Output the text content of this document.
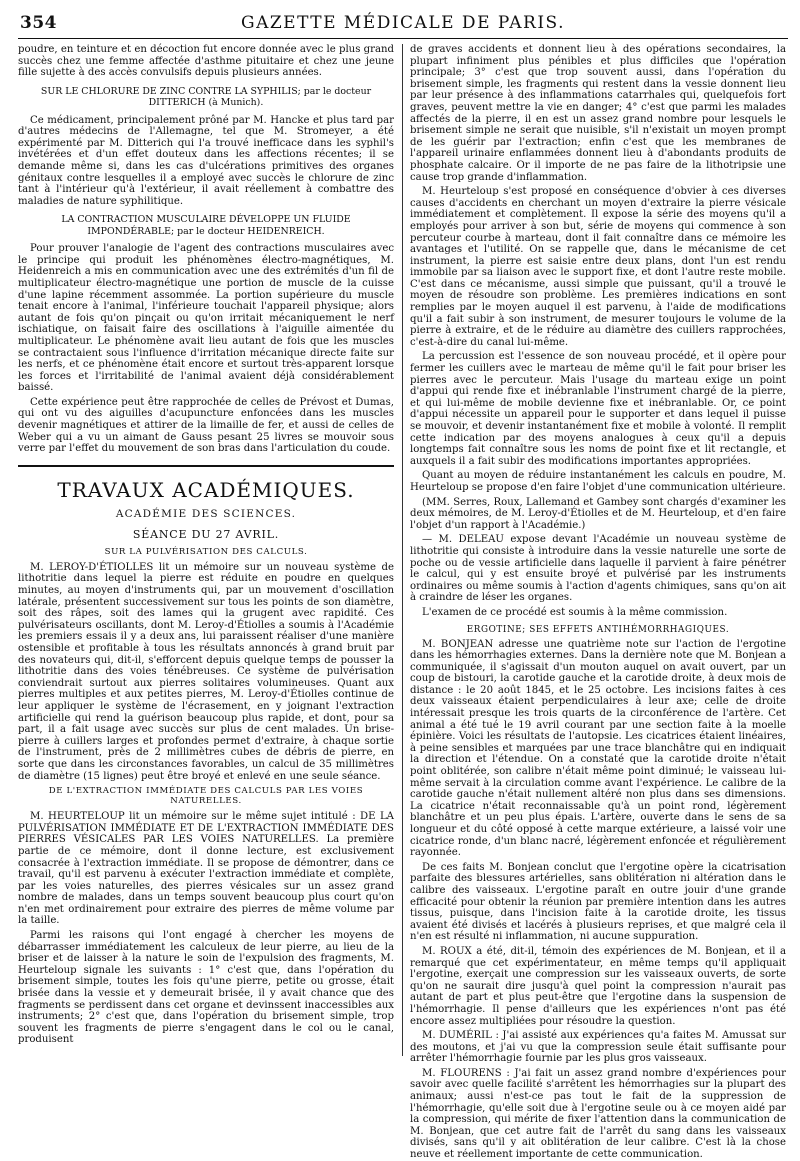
354	GAZETTE MÉDICALE DE PARIS.

poudre, en teinture et en décoction fut encore donnée avec le plus grand succès chez une femme affectée d'asthme pituitaire et chez une jeune fille sujette à des accès convulsifs depuis plusieurs années.

SUR LE CHLORURE DE ZINC CONTRE LA SYPHILIS; par le docteur DITTERICH (à Munich).

Ce médicament, principalement prôné par M. Hancke et plus tard par d'autres médecins de l'Allemagne, tel que M. Stromeyer, a été expérimenté par M. Ditterich qui l'a trouvé inefficace dans les syphil's invétérées et d'un effet douteux dans les affections récentes; il se demande même si, dans les cas d'ulcérations primitives des organes génitaux contre lesquelles il a employé avec succès le chlorure de zinc tant à l'intérieur qu'à l'extérieur, il avait réellement à combattre des maladies de nature syphilitique.

LA CONTRACTION MUSCULAIRE DÉVELOPPE UN FLUIDE IMPONDÉRABLE; par le docteur HEIDENREICH.

Pour prouver l'analogie de l'agent des contractions musculaires avec le principe qui produit les phénomènes électro-magnétiques, M. Heidenreich a mis en communication avec une des extrémités d'un fil de multiplicateur électro-magnétique une portion de muscle de la cuisse d'une lapine récemment assommée. La portion supérieure du muscle tenait encore à l'animal, l'inférieure touchait l'appareil physique; alors autant de fois qu'on pinçait ou qu'on irritait mécaniquement le nerf ischiatique, on faisait faire des oscillations à l'aiguille aimentée du multiplicateur. Le phénomène avait lieu autant de fois que les muscles se contractaient sous l'influence d'irritation mécanique directe faite sur les nerfs, et ce phénomène était encore et surtout très-apparent lorsque les forces et l'irritabilité de l'animal avaient déjà considérablement baissé.

Cette expérience peut être rapprochée de celles de Prévost et Dumas, qui ont vu des aiguilles d'acupuncture enfoncées dans les muscles devenir magnétiques et attirer de la limaille de fer, et aussi de celles de Weber qui a vu un aimant de Gauss pesant 25 livres se mouvoir sous verre par l'effet du mouvement de son bras dans l'articulation du coude.

TRAVAUX ACADÉMIQUES.
ACADÉMIE DES SCIENCES.
SÉANCE DU 27 AVRIL.
SUR LA PULVÉRISATION DES CALCULS.

M. LEROY-D'ÉTIOLLES lit un mémoire sur un nouveau système de lithotritie dans lequel la pierre est réduite en poudre en quelques minutes, au moyen d'instruments qui, par un mouvement d'oscillation latérale, présentent successivement sur tous les points de son diamètre, soit des râpes, soit des lames qui la grugent avec rapidité. Ces pulvérisateurs oscillants, dont M. Leroy-d'Étiolles a soumis à l'Académie les premiers essais il y a deux ans, lui paraissent réaliser d'une manière ostensible et profitable à tous les résultats annoncés à grand bruit par des novateurs qui, dit-il, s'efforcent depuis quelque temps de pousser la lithotritie dans des voies ténébreuses. Ce système de pulvérisation conviendrait surtout aux pierres solitaires volumineuses. Quant aux pierres multiples et aux petites pierres, M. Leroy-d'Étiolles continue de leur appliquer le système de l'écrasement, en y joignant l'extraction artificielle qui rend la guérison beaucoup plus rapide, et dont, pour sa part, il a fait usage avec succès sur plus de cent malades. Un brise-pierre à cuillers larges et profondes permet d'extraire, à chaque sortie de l'instrument, près de 2 millimètres cubes de débris de pierre, en sorte que dans les circonstances favorables, un calcul de 35 millimètres de diamètre (15 lignes) peut être broyé et enlevé en une seule séance.

DE L'EXTRACTION IMMÉDIATE DES CALCULS PAR LES VOIES NATURELLES.

M. HEURTELOUP lit un mémoire sur le même sujet intitulé : DE LA PULVÉRISATION IMMÉDIATE ET DE L'EXTRACTION IMMÉDIATE DES PIERRES VÉSICALES PAR LES VOIES NATURELLES. La première partie de ce mémoire, dont il donne lecture, est exclusivement consacrée à l'extraction immédiate. Il se propose de démontrer, dans ce travail, qu'il est parvenu à exécuter l'extraction immédiate et complète, par les voies naturelles, des pierres vésicales sur un assez grand nombre de malades, dans un temps souvent beaucoup plus court qu'on n'en met ordinairement pour extraire des pierres de même volume par la taille.

Parmi les raisons qui l'ont engagé à chercher les moyens de débarrasser immédiatement les calculeux de leur pierre, au lieu de la briser et de laisser à la nature le soin de l'expulsion des fragments, M. Heurteloup signale les suivants : 1° c'est que, dans l'opération du brisement simple, toutes les fois qu'une pierre, petite ou grosse, était brisée dans la vessie et y demeurait brisée, il y avait chance que des fragments se perdissent dans cet organe et devinssent inaccessibles aux instruments; 2° c'est que, dans l'opération du brisement simple, trop souvent les fragments de pierre s'engagent dans le col ou le canal, produisent

de graves accidents et donnent lieu à des opérations secondaires, la plupart infiniment plus pénibles et plus difficiles que l'opération principale; 3° c'est que trop souvent aussi, dans l'opération du brisement simple, les fragments qui restent dans la vessie donnent lieu par leur présence à des inflammations catarrhales qui, quelquefois fort graves, peuvent mettre la vie en danger; 4° c'est que parmi les malades affectés de la pierre, il en est un assez grand nombre pour lesquels le brisement simple ne serait que nuisible, s'il n'existait un moyen prompt de les guérir par l'extraction; enfin c'est que les membranes de l'appareil urinaire enflammées donnent lieu à d'abondants produits de phosphate calcaire. Or il importe de ne pas faire de la lithotripsie une cause trop grande d'inflammation.

M. Heurteloup s'est proposé en conséquence d'obvier à ces diverses causes d'accidents en cherchant un moyen d'extraire la pierre vésicale immédiatement et complètement. Il expose la série des moyens qu'il a employés pour arriver à son but, série de moyens qui commence à son percuteur courbe à marteau, dont il fait connaître dans ce mémoire les avantages et l'utilité. On se rappelle que, dans le mécanisme de cet instrument, la pierre est saisie entre deux plans, dont l'un est rendu immobile par sa liaison avec le support fixe, et dont l'autre reste mobile. C'est dans ce mécanisme, aussi simple que puissant, qu'il a trouvé le moyen de résoudre son problème. Les premières indications en sont remplies par le moyen auquel il est parvenu, à l'aide de modifications qu'il a fait subir à son instrument, de mesurer toujours le volume de la pierre à extraire, et de le réduire au diamètre des cuillers rapprochées, c'est-à-dire du canal lui-même.

La percussion est l'essence de son nouveau procédé, et il opère pour fermer les cuillers avec le marteau de même qu'il le fait pour briser les pierres avec le percuteur. Mais l'usage du marteau exige un point d'appui qui rende fixe et inébranlable l'instrument chargé de la pierre, et qui lui-même de mobile devienne fixe et inébranlable. Or, ce point d'appui nécessite un appareil pour le supporter et dans lequel il puisse se mouvoir, et devenir instantanément fixe et mobile à volonté. Il remplit cette indication par des moyens analogues à ceux qu'il a depuis longtemps fait connaître sous les noms de point fixe et lit rectangle, et auxquels il a fait subir des modifications importantes appropriées.

Quant au moyen de réduire instantanément les calculs en poudre, M. Heurteloup se propose d'en faire l'objet d'une communication ultérieure.

(MM. Serres, Roux, Lallemand et Gambey sont chargés d'examiner les deux mémoires, de M. Leroy-d'Étiolles et de M. Heurteloup, et d'en faire l'objet d'un rapport à l'Académie.)

— M. DELEAU expose devant l'Académie un nouveau système de lithotritie qui consiste à introduire dans la vessie naturelle une sorte de poche ou de vessie artificielle dans laquelle il parvient à faire pénétrer le calcul, qui y est ensuite broyé et pulvérisé par les instruments ordinaires ou même soumis à l'action d'agents chimiques, sans qu'on ait à craindre de léser les organes.

L'examen de ce procédé est soumis à la même commission.

ERGOTINE; SES EFFETS ANTIHÉMORRHAGIQUES.

M. BONJEAN adresse une quatrième note sur l'action de l'ergotine dans les hémorrhagies externes. Dans la dernière note que M. Bonjean a communiquée, il s'agissait d'un mouton auquel on avait ouvert, par un coup de bistouri, la carotide gauche et la carotide droite, à deux mois de distance : le 20 août 1845, et le 25 octobre. Les incisions faites à ces deux vaisseaux étaient perpendiculaires à leur axe; celle de droite intéressait presque les trois quarts de la circonférence de l'artère. Cet animal a été tué le 19 avril courant par une section faite à la moelle épinière. Voici les résultats de l'autopsie. Les cicatrices étaient linéaires, à peine sensibles et marquées par une trace blanchâtre qui en indiquait la direction et l'étendue. On a constaté que la carotide droite n'était point oblitérée, son calibre n'était même point diminué; le vaisseau lui-même servait à la circulation comme avant l'expérience. Le calibre de la carotide gauche n'était nullement altéré non plus dans ses dimensions. La cicatrice n'était reconnaissable qu'à un point rond, légèrement blanchâtre et un peu plus épais. L'artère, ouverte dans le sens de sa longueur et du côté opposé à cette marque extérieure, a laissé voir une cicatrice ronde, d'un blanc nacré, légèrement enfoncée et régulièrement rayonnée.

De ces faits M. Bonjean conclut que l'ergotine opère la cicatrisation parfaite des blessures artérielles, sans oblitération ni altération dans le calibre des vaisseaux. L'ergotine paraît en outre jouir d'une grande efficacité pour obtenir la réunion par première intention dans les autres tissus, puisque, dans l'incision faite à la carotide droite, les tissus avaient été divisés et lacérés à plusieurs reprises, et que malgré cela il n'en est résulté ni inflammation, ni aucune suppuration.

M. ROUX a été, dit-il, témoin des expériences de M. Bonjean, et il a remarqué que cet expérimentateur, en même temps qu'il appliquait l'ergotine, exerçait une compression sur les vaisseaux ouverts, de sorte qu'on ne saurait dire jusqu'à quel point la compression n'aurait pas autant de part et plus peut-être que l'ergotine dans la suspension de l'hémorrhagie. Il pense d'ailleurs que les expériences n'ont pas été encore assez multipliées pour résoudre la question.

M. DUMÉRIL : J'ai assisté aux expériences qu'a faites M. Amussat sur des moutons, et j'ai vu que la compression seule était suffisante pour arrêter l'hémorrhagie fournie par les plus gros vaisseaux.

M. FLOURENS : J'ai fait un assez grand nombre d'expériences pour savoir avec quelle facilité s'arrêtent les hémorrhagies sur la plupart des animaux; aussi n'est-ce pas tout le fait de la suppression de l'hémorrhagie, qu'elle soit due à l'ergotine seule ou à ce moyen aidé par la compression, qui mérite de fixer l'attention dans la communication de M. Bonjean, que cet autre fait de l'arrêt du sang dans les vaisseaux divisés, sans qu'il y ait oblitération de leur calibre. C'est là la chose neuve et réellement importante de cette communication.
